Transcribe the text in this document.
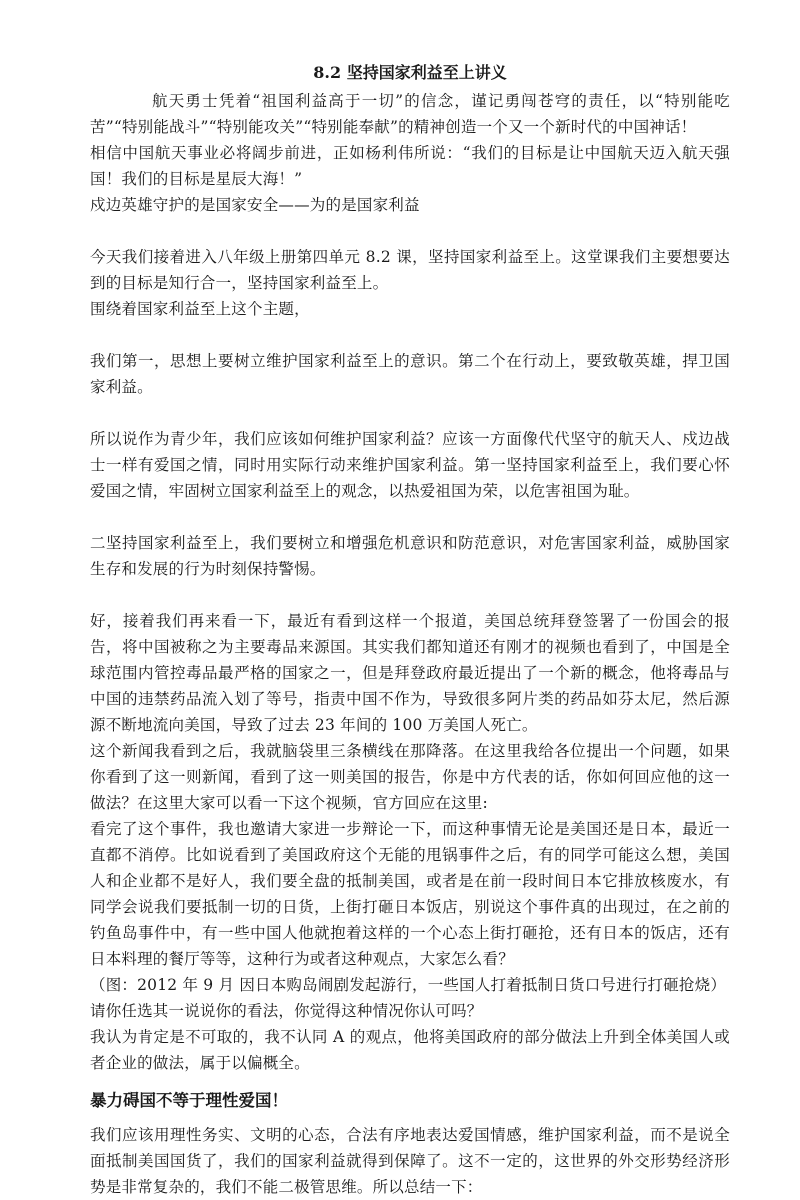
8.2 坚持国家利益至上讲义

航天勇士凭着“祖国利益高于一切”的信念，谨记勇闯苍穹的责任，以“特别能吃苦”“特别能战斗”“特别能攻关”“特别能奉献”的精神创造一个又一个新时代的中国神话！

相信中国航天事业必将阔步前进，正如杨利伟所说：“我们的目标是让中国航天迈入航天强国！我们的目标是星辰大海！”

戍边英雄守护的是国家安全——为的是国家利益

今天我们接着进入八年级上册第四单元 8.2 课，坚持国家利益至上。这堂课我们主要想要达到的目标是知行合一，坚持国家利益至上。

围绕着国家利益至上这个主题，

我们第一，思想上要树立维护国家利益至上的意识。第二个在行动上，要致敬英雄，捍卫国家利益。

所以说作为青少年，我们应该如何维护国家利益？应该一方面像代代坚守的航天人、戍边战士一样有爱国之情，同时用实际行动来维护国家利益。第一坚持国家利益至上，我们要心怀爱国之情，牢固树立国家利益至上的观念，以热爱祖国为荣，以危害祖国为耻。

二坚持国家利益至上，我们要树立和增强危机意识和防范意识，对危害国家利益，威胁国家生存和发展的行为时刻保持警惕。

好，接着我们再来看一下，最近有看到这样一个报道，美国总统拜登签署了一份国会的报告，将中国被称之为主要毒品来源国。其实我们都知道还有刚才的视频也看到了，中国是全球范围内管控毒品最严格的国家之一，但是拜登政府最近提出了一个新的概念，他将毒品与中国的违禁药品流入划了等号，指责中国不作为，导致很多阿片类的药品如芬太尼，然后源源不断地流向美国，导致了过去 23 年间的 100 万美国人死亡。

这个新闻我看到之后，我就脑袋里三条横线在那降落。在这里我给各位提出一个问题，如果你看到了这一则新闻，看到了这一则美国的报告，你是中方代表的话，你如何回应他的这一做法？在这里大家可以看一下这个视频，官方回应在这里:

看完了这个事件，我也邀请大家进一步辩论一下，而这种事情无论是美国还是日本，最近一直都不消停。比如说看到了美国政府这个无能的甩锅事件之后，有的同学可能这么想，美国人和企业都不是好人，我们要全盘的抵制美国，或者是在前一段时间日本它排放核废水，有同学会说我们要抵制一切的日货，上街打砸日本饭店，别说这个事件真的出现过，在之前的钓鱼岛事件中，有一些中国人他就抱着这样的一个心态上街打砸抢，还有日本的饭店，还有日本料理的餐厅等等，这种行为或者这种观点，大家怎么看？

（图：2012 年 9 月 因日本购岛闹剧发起游行，一些国人打着抵制日货口号进行打砸抢烧）

请你任选其一说说你的看法，你觉得这种情况你认可吗？

我认为肯定是不可取的，我不认同 A 的观点，他将美国政府的部分做法上升到全体美国人或者企业的做法，属于以偏概全。

暴力碍国不等于理性爱国！

我们应该用理性务实、文明的心态，合法有序地表达爱国情感，维护国家利益，而不是说全面抵制美国国货了，我们的国家利益就得到保障了。这不一定的，这世界的外交形势经济形势是非常复杂的，我们不能二极管思维。所以总结一下：
